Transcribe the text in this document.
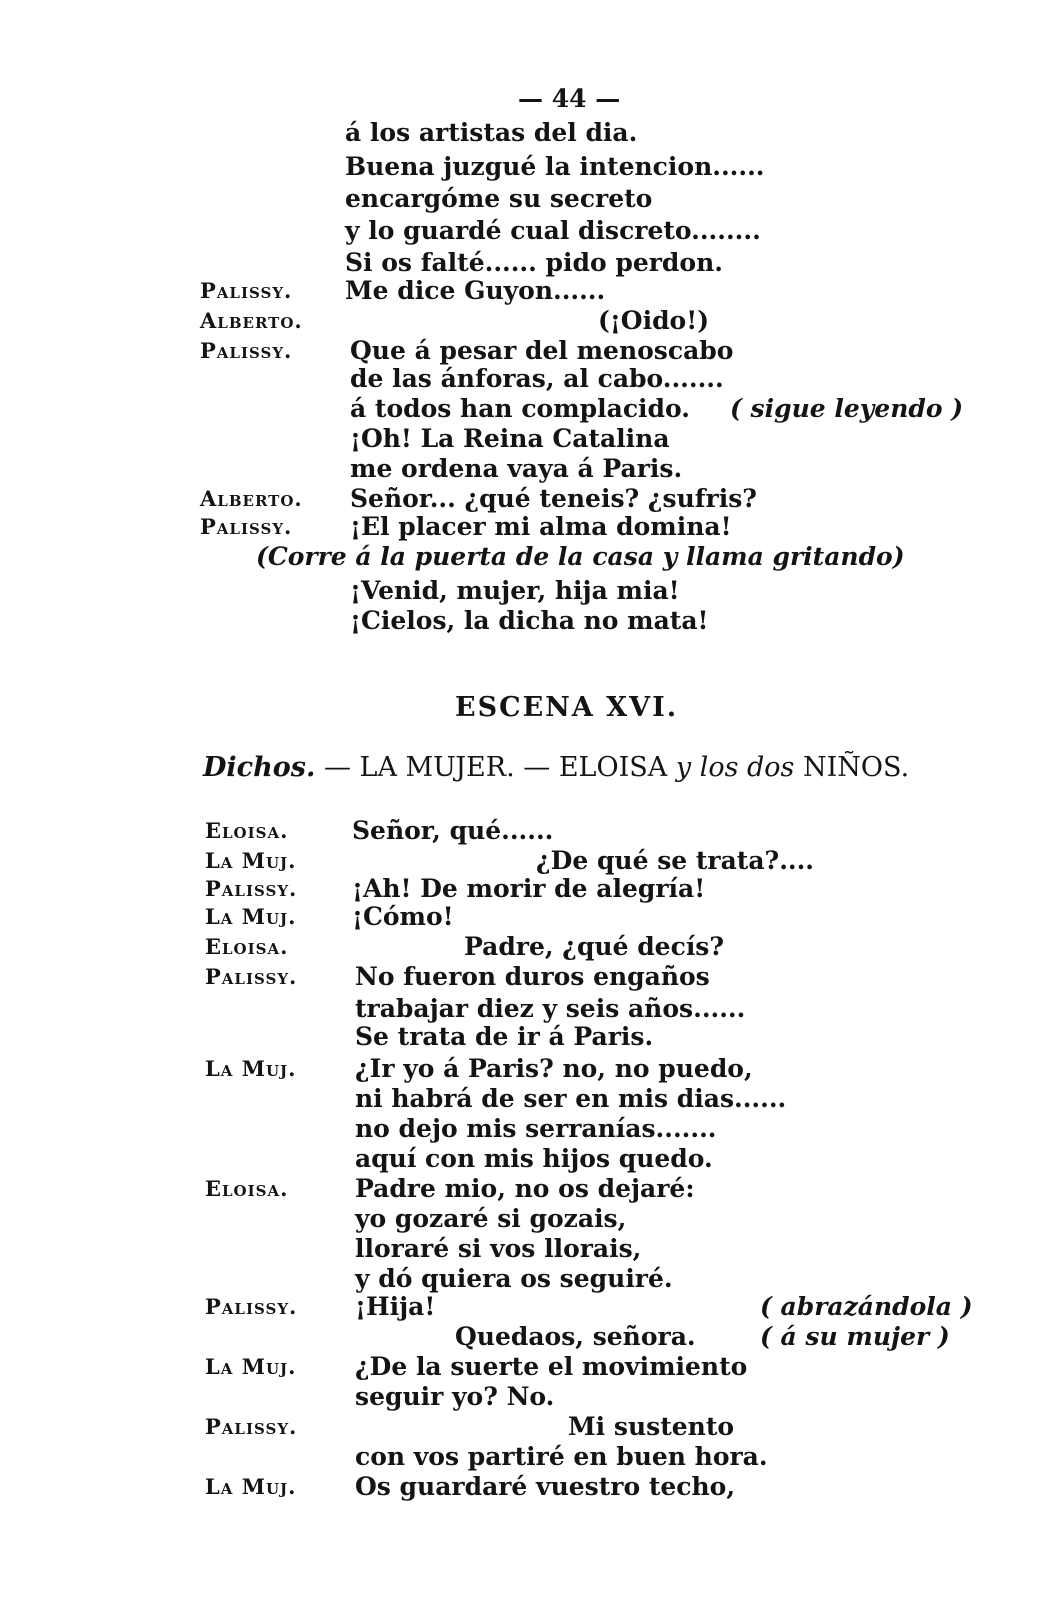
— 44 —
á los artistas del dia.
Buena juzgué la intencion......
encargóme su secreto
y lo guardé cual discreto........
Si os falté...... pido perdon.
Palissy. Me dice Guyon......
Alberto.	(¡Oido!)
Palissy. Que á pesar del menoscabo
de las ánforas, al cabo.......
á todos han complacido. ( sigue leyendo )
¡Oh! La Reina Catalina
me ordena vaya á Paris.
Alberto. Señor... ¿qué teneis? ¿sufris?
Palissy. ¡El placer mi alma domina!
(Corre á la puerta de la casa y llama gritando)
¡Venid, mujer, hija mia!
¡Cielos, la dicha no mata!
ESCENA XVI.
Dichos. — LA MUJER. — ELOISA y los dos NIÑOS.
Eloisa.	Señor, qué......
La Muj.	¿De qué se trata?....
Palissy. ¡Ah! De morir de alegría!
La Muj. ¡Cómo!
Eloisa.	Padre, ¿qué decís?
Palissy. No fueron duros engaños
trabajar diez y seis años......
Se trata de ir á Paris.
La Muj. ¿Ir yo á Paris? no, no puedo,
ni habrá de ser en mis dias......
no dejo mis serranías.......
aquí con mis hijos quedo.
Eloisa.	Padre mio, no os dejaré:
yo gozaré si gozais,
lloraré si vos llorais,
y dó quiera os seguiré.
Palissy. ¡Hija!	( abrazándola )
Quedaos, señora.	( á su mujer )
La Muj. ¿De la suerte el movimiento
seguir yo? No.
Palissy.	Mi sustento
con vos partiré en buen hora.
La Muj. Os guardaré vuestro techo,
